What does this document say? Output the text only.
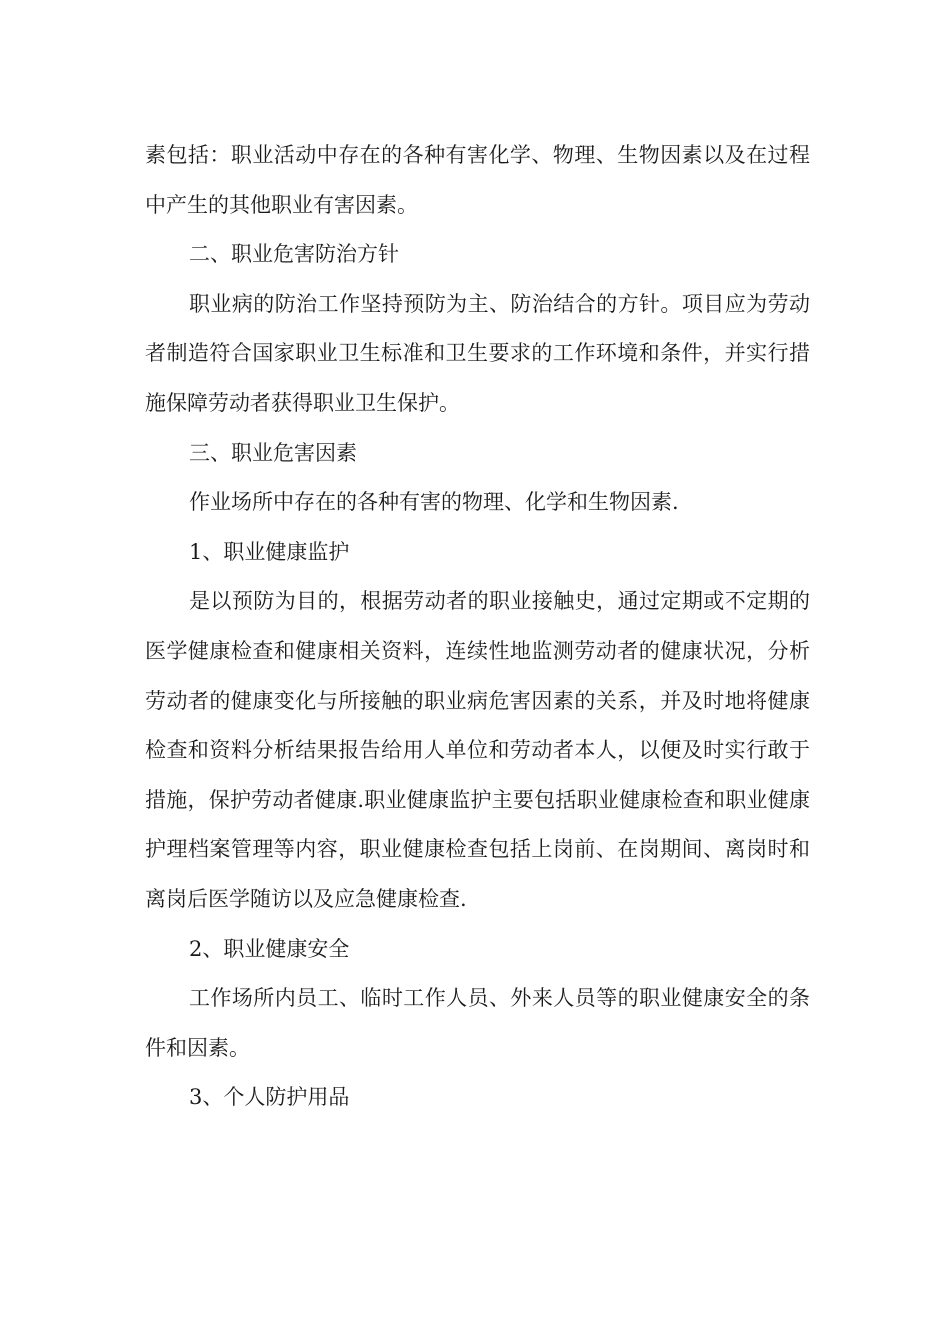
素包括：职业活动中存在的各种有害化学、物理、生物因素以及在过程中产生的其他职业有害因素。

二、职业危害防治方针

职业病的防治工作坚持预防为主、防治结合的方针。项目应为劳动者制造符合国家职业卫生标准和卫生要求的工作环境和条件，并实行措施保障劳动者获得职业卫生保护。

三、职业危害因素

作业场所中存在的各种有害的物理、化学和生物因素.

1、职业健康监护

是以预防为目的，根据劳动者的职业接触史，通过定期或不定期的医学健康检查和健康相关资料，连续性地监测劳动者的健康状况，分析劳动者的健康变化与所接触的职业病危害因素的关系，并及时地将健康检查和资料分析结果报告给用人单位和劳动者本人，以便及时实行敢于措施，保护劳动者健康.职业健康监护主要包括职业健康检查和职业健康护理档案管理等内容，职业健康检查包括上岗前、在岗期间、离岗时和离岗后医学随访以及应急健康检查.

2、职业健康安全

工作场所内员工、临时工作人员、外来人员等的职业健康安全的条件和因素。

3、个人防护用品
